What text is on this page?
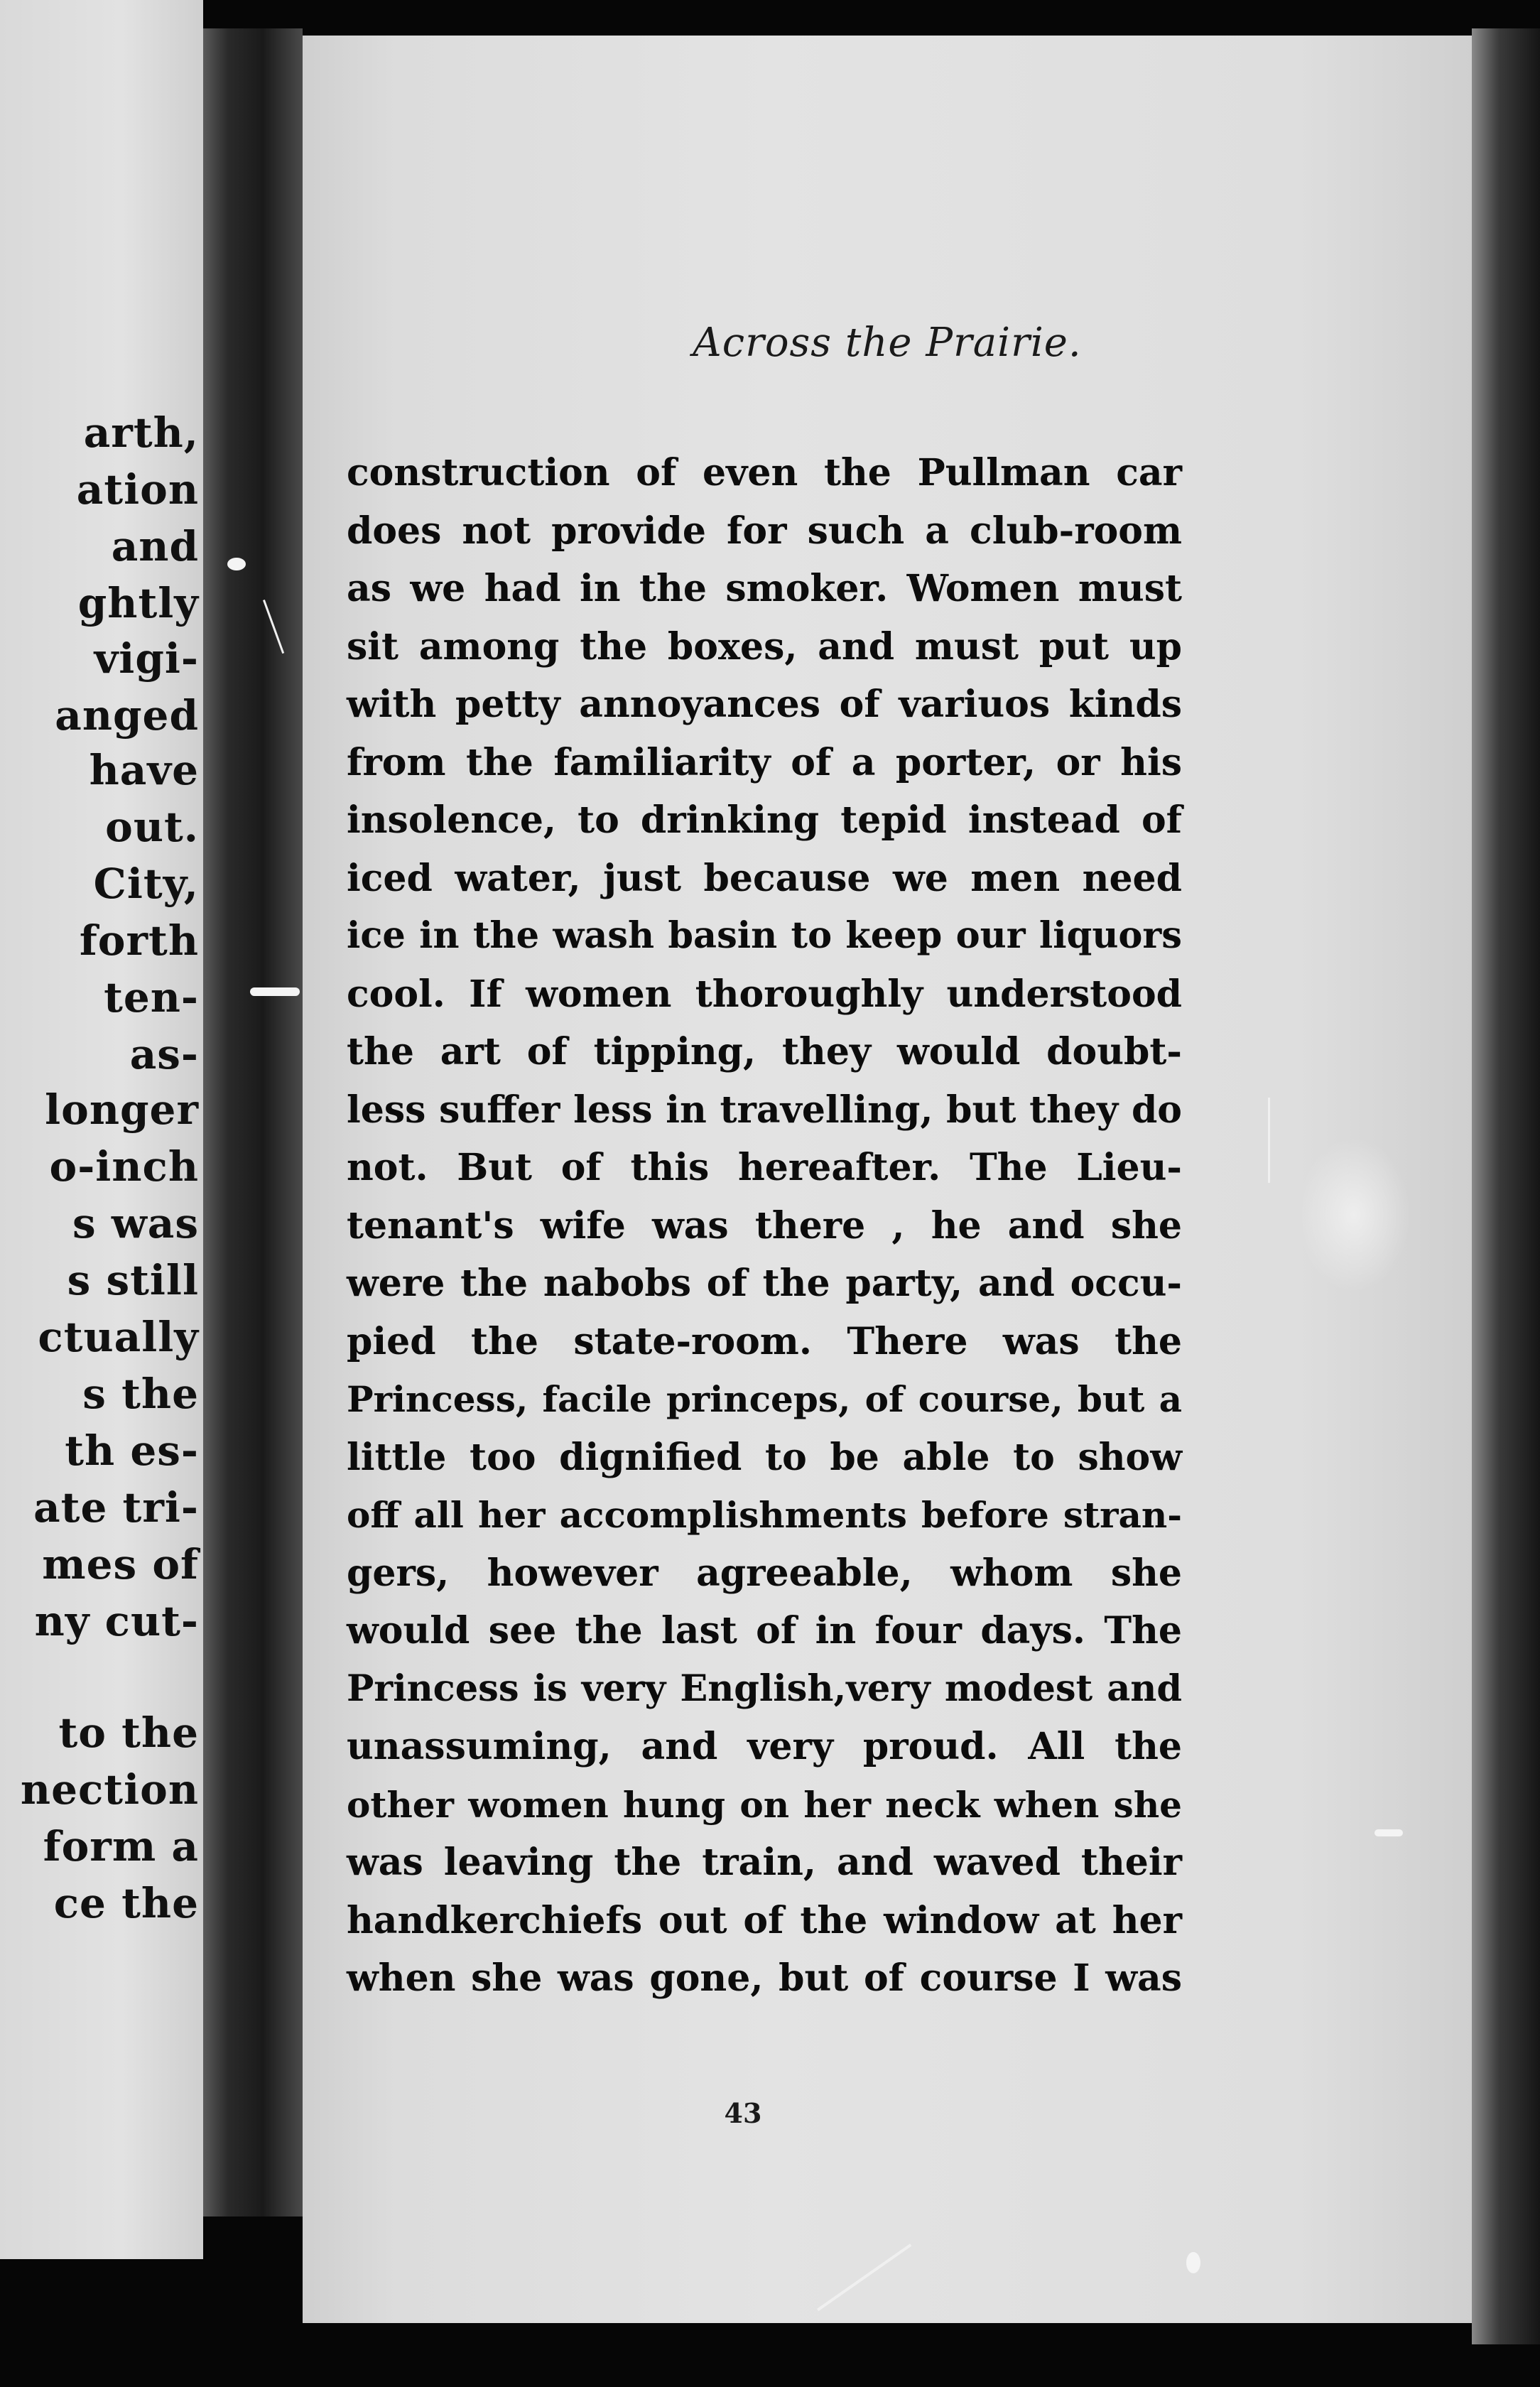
arth,
ation
and
ghtly
vigi-
anged
have
out.
City,
forth
ten-
as-
longer
o-inch
s was
s still
ctually
s the
th es-
ate tri-
mes of
ny cut-
to the
nection
form a
ce the
Across the Prairie.
construction of even the Pullman car
does not provide for such a club-room
as we had in the smoker. Women must
sit among the boxes, and must put up
with petty annoyances of variuos kinds
from the familiarity of a porter, or his
insolence, to drinking tepid instead of
iced water, just because we men need
ice in the wash basin to keep our liquors
cool. If women thoroughly understood
the art of tipping, they would doubt-
less suffer less in travelling, but they do
not. But of this hereafter. The Lieu-
tenant's wife was there , he and she
were the nabobs of the party, and occu-
pied the state-room. There was the
Princess, facile princeps, of course, but a
little too dignified to be able to show
off all her accomplishments before stran-
gers, however agreeable, whom she
would see the last of in four days. The
Princess is very English,very modest and
unassuming, and very proud. All the
other women hung on her neck when she
was leaving the train, and waved their
handkerchiefs out of the window at her
when she was gone, but of course I was
43
